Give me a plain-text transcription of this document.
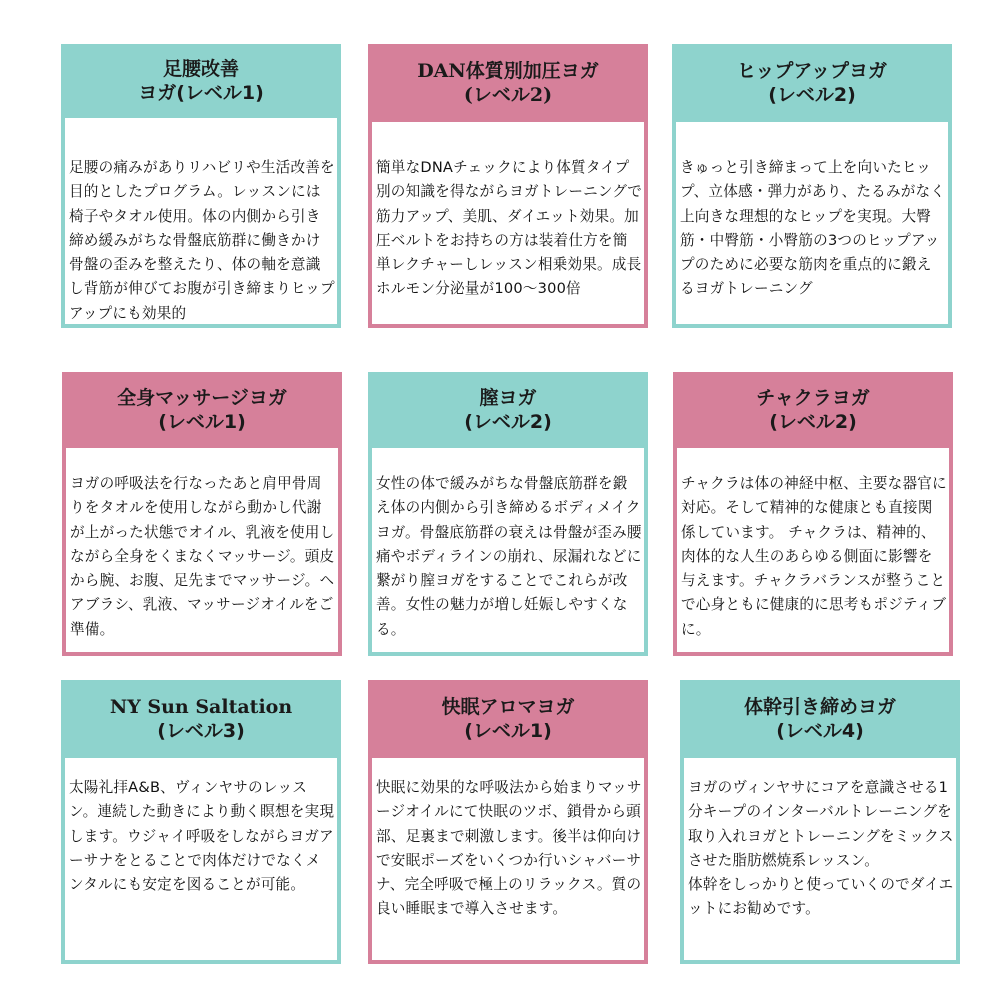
足腰改善
ヨガ(レベル1)
足腰の痛みがありリハビリや生活改善を目的としたプログラム。レッスンには椅子やタオル使用。体の内側から引き締め緩みがちな骨盤底筋群に働きかけ骨盤の歪みを整えたり、体の軸を意識し背筋が伸びてお腹が引き締まりヒップアップにも効果的
DAN体質別加圧ヨガ
(レベル2)
簡単なDNAチェックにより体質タイプ別の知識を得ながらヨガトレーニングで筋力アップ、美肌、ダイエット効果。加圧ベルトをお持ちの方は装着仕方を簡単レクチャーしレッスン相乗効果。成長ホルモン分泌量が100〜300倍
ヒップアップヨガ
(レベル2)
きゅっと引き締まって上を向いたヒップ、立体感・弾力があり、たるみがなく上向きな理想的なヒップを実現。大臀筋・中臀筋・小臀筋の3つのヒップアップのために必要な筋肉を重点的に鍛えるヨガトレーニング
全身マッサージヨガ
(レベル1)
ヨガの呼吸法を行なったあと肩甲骨周りをタオルを使用しながら動かし代謝が上がった状態でオイル、乳液を使用しながら全身をくまなくマッサージ。頭皮から腕、お腹、足先までマッサージ。ヘアブラシ、乳液、マッサージオイルをご準備。
膣ヨガ
(レベル2)
女性の体で緩みがちな骨盤底筋群を鍛え体の内側から引き締めるボディメイクヨガ。骨盤底筋群の衰えは骨盤が歪み腰痛やボディラインの崩れ、尿漏れなどに繋がり膣ヨガをすることでこれらが改善。女性の魅力が増し妊娠しやすくなる。
チャクラヨガ
(レベル2)
チャクラは体の神経中枢、主要な器官に対応。そして精神的な健康とも直接関係しています。 チャクラは、精神的、肉体的な人生のあらゆる側面に影響を与えます。チャクラバランスが整うことで心身ともに健康的に思考もポジティブに。
NY Sun Saltation
(レベル3)
太陽礼拝A&B、ヴィンヤサのレッスン。連続した動きにより動く瞑想を実現します。ウジャイ呼吸をしながらヨガアーサナをとることで肉体だけでなくメンタルにも安定を図ることが可能。
快眠アロマヨガ
(レベル1)
快眠に効果的な呼吸法から始まりマッサージオイルにて快眠のツボ、鎖骨から頭部、足裏まで刺激します。後半は仰向けで安眠ポーズをいくつか行いシャバーサナ、完全呼吸で極上のリラックス。質の良い睡眠まで導入させます。
体幹引き締めヨガ
(レベル4)
ヨガのヴィンヤサにコアを意識させる1分キープのインターバルトレーニングを取り入れヨガとトレーニングをミックスさせた脂肪燃焼系レッスン。
体幹をしっかりと使っていくのでダイエットにお勧めです。
